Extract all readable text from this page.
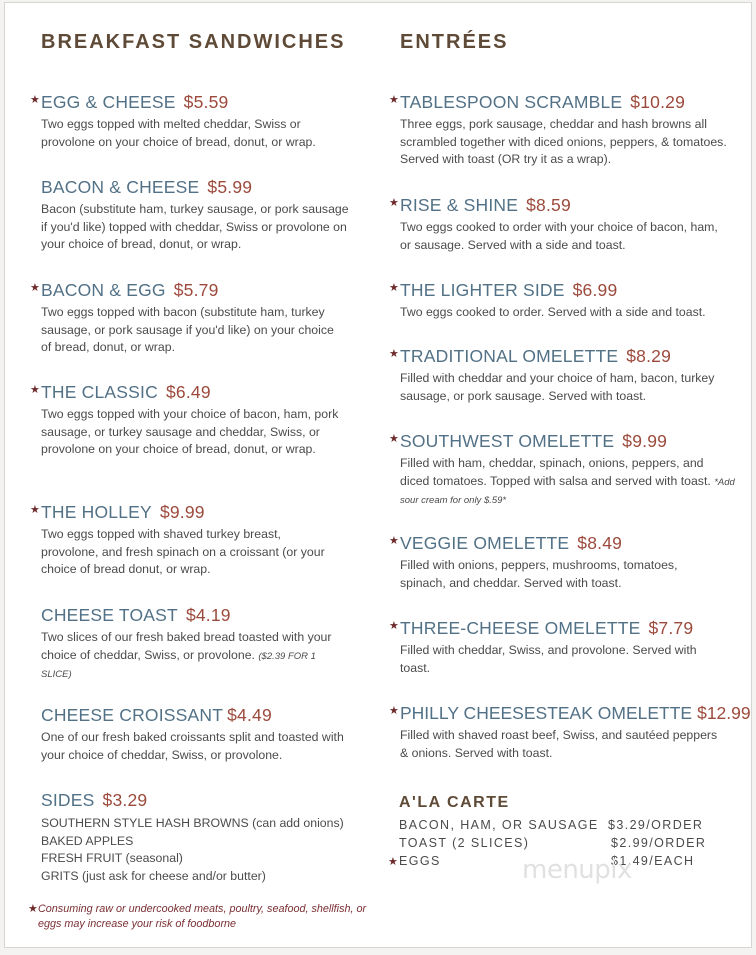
BREAKFAST SANDWICHES
★ EGG & CHEESE $5.59
Two eggs topped with melted cheddar, Swiss or provolone on your choice of bread, donut, or wrap.
BACON & CHEESE $5.99
Bacon (substitute ham, turkey sausage, or pork sausage if you'd like) topped with cheddar, Swiss or provolone on your choice of bread, donut, or wrap.
★ BACON & EGG $5.79
Two eggs topped with bacon (substitute ham, turkey sausage, or pork sausage if you'd like) on your choice of bread, donut, or wrap.
★ THE CLASSIC $6.49
Two eggs topped with your choice of bacon, ham, pork sausage, or turkey sausage and cheddar, Swiss, or provolone on your choice of bread, donut, or wrap.
★ THE HOLLEY $9.99
Two eggs topped with shaved turkey breast, provolone, and fresh spinach on a croissant (or your choice of bread donut, or wrap.
CHEESE TOAST $4.19
Two slices of our fresh baked bread toasted with your choice of cheddar, Swiss, or provolone. ($2.39 FOR 1 SLICE)
CHEESE CROISSANT $4.49
One of our fresh baked croissants split and toasted with your choice of cheddar, Swiss, or provolone.
SIDES $3.29
SOUTHERN STYLE HASH BROWNS (can add onions)
BAKED APPLES
FRESH FRUIT (seasonal)
GRITS (just ask for cheese and/or butter)
★ Consuming raw or undercooked meats, poultry, seafood, shellfish, or eggs may increase your risk of foodborne
ENTRÉES
★ TABLESPOON SCRAMBLE $10.29
Three eggs, pork sausage, cheddar and hash browns all scrambled together with diced onions, peppers, & tomatoes. Served with toast (OR try it as a wrap).
★ RISE & SHINE $8.59
Two eggs cooked to order with your choice of bacon, ham, or sausage. Served with a side and toast.
★ THE LIGHTER SIDE $6.99
Two eggs cooked to order. Served with a side and toast.
★ TRADITIONAL OMELETTE $8.29
Filled with cheddar and your choice of ham, bacon, turkey sausage, or pork sausage. Served with toast.
★ SOUTHWEST OMELETTE $9.99
Filled with ham, cheddar, spinach, onions, peppers, and diced tomatoes. Topped with salsa and served with toast. *Add sour cream for only $.59*
★ VEGGIE OMELETTE $8.49
Filled with onions, peppers, mushrooms, tomatoes, spinach, and cheddar. Served with toast.
★ THREE-CHEESE OMELETTE $7.79
Filled with cheddar, Swiss, and provolone. Served with toast.
★ PHILLY CHEESESTEAK OMELETTE $12.99
Filled with shaved roast beef, Swiss, and sautéed peppers & onions. Served with toast.
A'LA CARTE
BACON, HAM, OR SAUSAGE $3.29/ORDER
TOAST (2 SLICES)	$2.99/ORDER
★ EGGS	$1.49/EACH
menupix
